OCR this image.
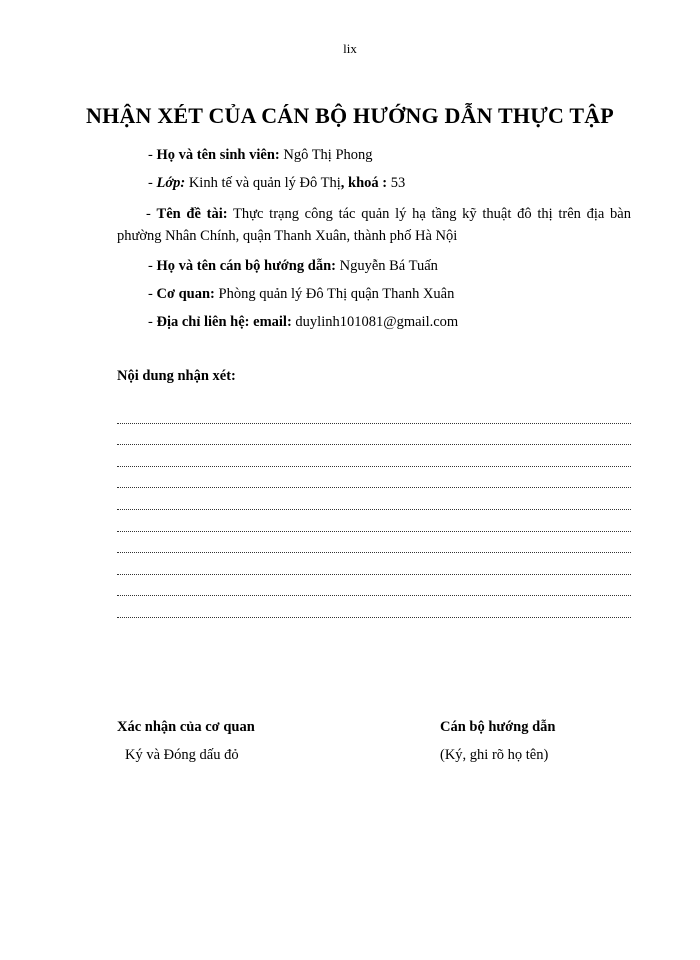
lix
NHẬN XÉT CỦA CÁN BỘ HƯỚNG DẪN THỰC TẬP
- Họ và tên sinh viên: Ngô Thị Phong
- Lớp: Kinh tế và quản lý Đô Thị, khoá : 53
- Tên đề tài: Thực trạng công tác quản lý hạ tầng kỹ thuật đô thị trên địa bàn phường Nhân Chính, quận Thanh Xuân, thành phố Hà Nội
- Họ và tên cán bộ hướng dẫn: Nguyễn Bá Tuấn
- Cơ quan: Phòng quản lý Đô Thị quận Thanh Xuân
- Địa chỉ liên hệ: email: duylinh101081@gmail.com
Nội dung nhận xét:
Xác nhận của cơ quan
Ký và Đóng dấu đỏ
Cán bộ hướng dẫn
(Ký, ghi rõ họ tên)
